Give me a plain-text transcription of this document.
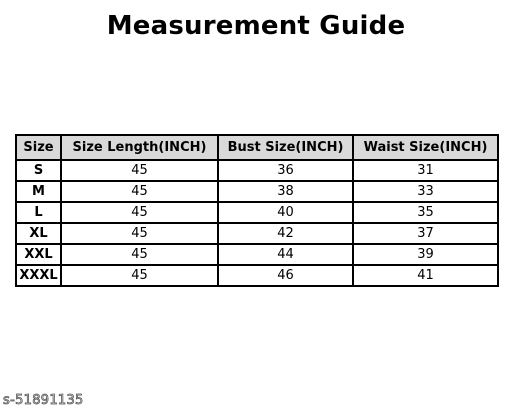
Measurement Guide
Size	Size Length(INCH)	Bust Size(INCH)	Waist Size(INCH)
S	45	36	31
M	45	38	33
L	45	40	35
XL	45	42	37
XXL	45	44	39
XXXL	45	46	41
s-51891135
